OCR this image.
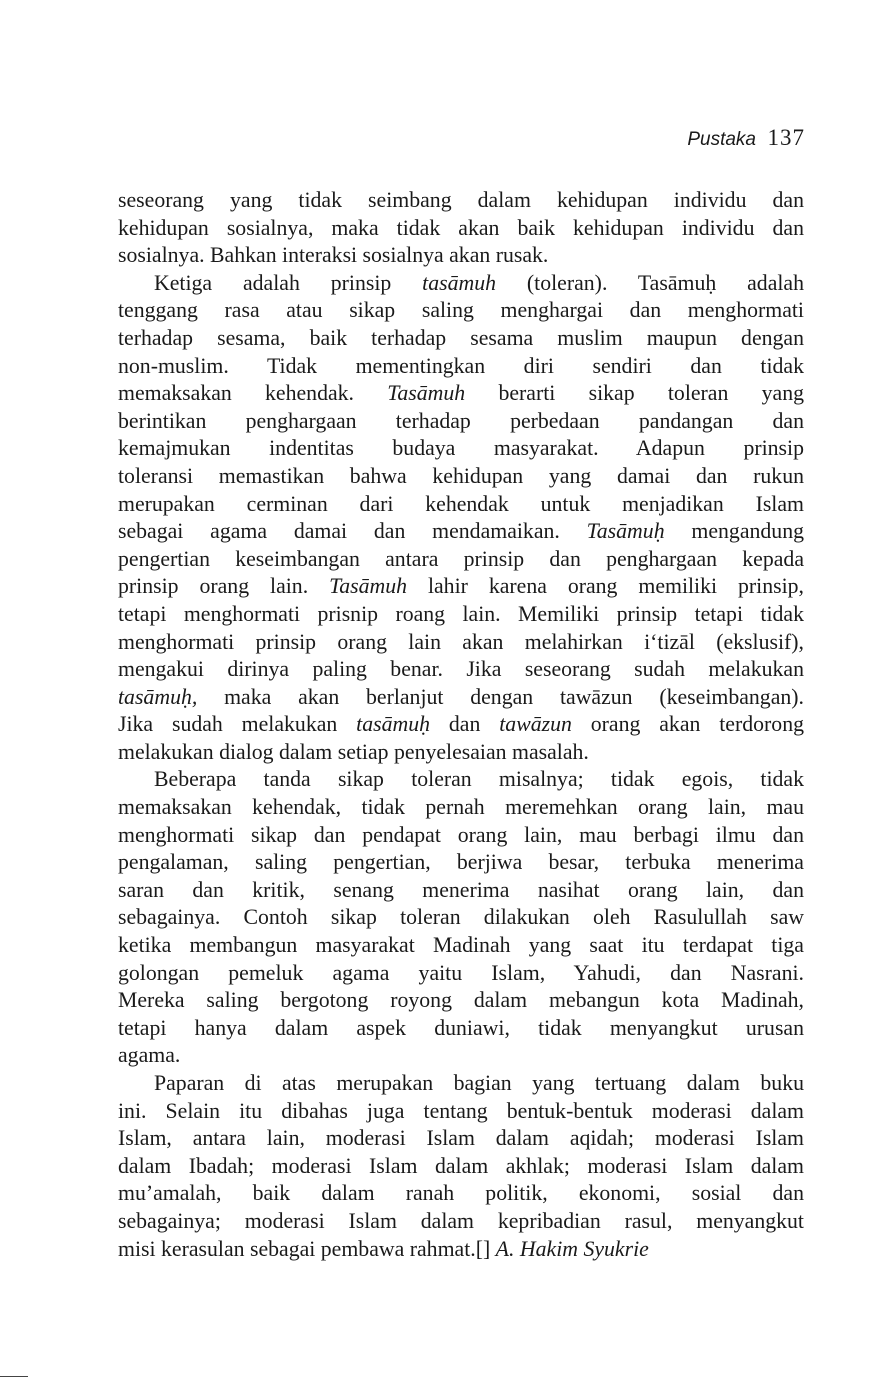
Pustaka 137
seseorang yang tidak seimbang dalam kehidupan individu dan
kehidupan sosialnya, maka tidak akan baik kehidupan individu dan
sosialnya. Bahkan interaksi sosialnya akan rusak.
Ketiga adalah prinsip tasāmuh (toleran). Tasāmuḥ adalah
tenggang rasa atau sikap saling menghargai dan menghormati
terhadap sesama, baik terhadap sesama muslim maupun dengan
non-muslim. Tidak mementingkan diri sendiri dan tidak
memaksakan kehendak. Tasāmuh berarti sikap toleran yang
berintikan penghargaan terhadap perbedaan pandangan dan
kemajmukan indentitas budaya masyarakat. Adapun prinsip
toleransi memastikan bahwa kehidupan yang damai dan rukun
merupakan cerminan dari kehendak untuk menjadikan Islam
sebagai agama damai dan mendamaikan. Tasāmuḥ mengandung
pengertian keseimbangan antara prinsip dan penghargaan kepada
prinsip orang lain. Tasāmuh lahir karena orang memiliki prinsip,
tetapi menghormati prisnip roang lain. Memiliki prinsip tetapi tidak
menghormati prinsip orang lain akan melahirkan i‘tizāl (ekslusif),
mengakui dirinya paling benar. Jika seseorang sudah melakukan
tasāmuḥ, maka akan berlanjut dengan tawāzun (keseimbangan).
Jika sudah melakukan tasāmuḥ dan tawāzun orang akan terdorong
melakukan dialog dalam setiap penyelesaian masalah.
Beberapa tanda sikap toleran misalnya; tidak egois, tidak
memaksakan kehendak, tidak pernah meremehkan orang lain, mau
menghormati sikap dan pendapat orang lain, mau berbagi ilmu dan
pengalaman, saling pengertian, berjiwa besar, terbuka menerima
saran dan kritik, senang menerima nasihat orang lain, dan
sebagainya. Contoh sikap toleran dilakukan oleh Rasulullah saw
ketika membangun masyarakat Madinah yang saat itu terdapat tiga
golongan pemeluk agama yaitu Islam, Yahudi, dan Nasrani.
Mereka saling bergotong royong dalam mebangun kota Madinah,
tetapi hanya dalam aspek duniawi, tidak menyangkut urusan
agama.
Paparan di atas merupakan bagian yang tertuang dalam buku
ini. Selain itu dibahas juga tentang bentuk-bentuk moderasi dalam
Islam, antara lain, moderasi Islam dalam aqidah; moderasi Islam
dalam Ibadah; moderasi Islam dalam akhlak; moderasi Islam dalam
mu’amalah, baik dalam ranah politik, ekonomi, sosial dan
sebagainya; moderasi Islam dalam kepribadian rasul, menyangkut
misi kerasulan sebagai pembawa rahmat.[] A. Hakim Syukrie
